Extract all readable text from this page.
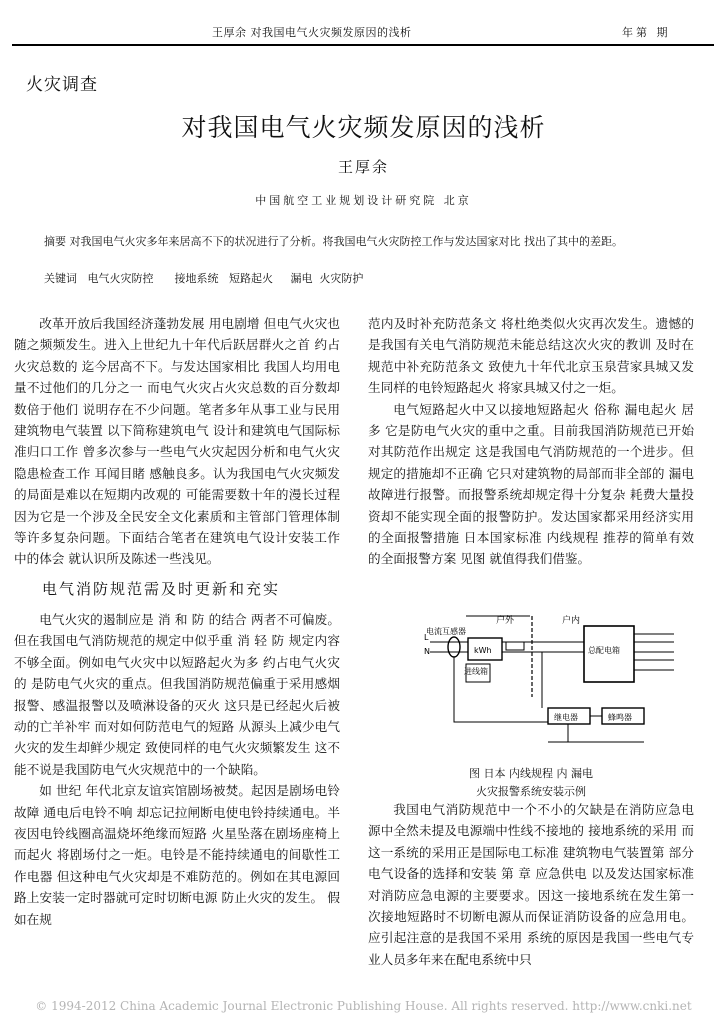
王厚余 对我国电气火灾频发原因的浅析	年第 期
火灾调查
对我国电气火灾频发原因的浅析
王厚余
中国航空工业规划设计研究院 北京
摘要 对我国电气火灾多年来居高不下的状况进行了分析。将我国电气火灾防控工作与发达国家对比 找出了其中的差距。
关键词   电气火灾防控      接地系统   短路起火     漏电  火灾防护

改革开放后我国经济蓬勃发展 用电剧增 但电气火灾也随之频频发生。进入上世纪九十年代后跃居群火之首 约占火灾总数的 迄今居高不下。与发达国家相比 我国人均用电量不过他们的几分之一 而电气火灾占火灾总数的百分数却数倍于他们 说明存在不少问题。笔者多年从事工业与民用建筑物电气装置 以下简称建筑电气 设计和建筑电气国际标准归口工作 曾多次参与一些电气火灾起因分析和电气火灾隐患检查工作 耳闻目睹 感触良多。认为我国电气火灾频发的局面是难以在短期内改观的 可能需要数十年的漫长过程 因为它是一个涉及全民安全文化素质和主管部门管理体制等许多复杂问题。下面结合笔者在建筑电气设计安装工作中的体会 就认识所及陈述一些浅见。

电气消防规范需及时更新和充实

电气火灾的遏制应是 消 和 防 的结合 两者不可偏废。但在我国电气消防规范的规定中似乎重 消 轻 防 规定内容不够全面。例如电气火灾中以短路起火为多 约占电气火灾的 是防电气火灾的重点。但我国消防规范偏重于采用感烟报警、感温报警以及喷淋设备的灭火 这只是已经起火后被动的亡羊补牢 而对如何防范电气的短路 从源头上减少电气火灾的发生却鲜少规定 致使同样的电气火灾频繁发生 这不能不说是我国防电气火灾规范中的一个缺陷。

如 世纪 年代北京友谊宾馆剧场被焚。起因是剧场电铃故障 通电后电铃不响 却忘记拉闸断电使电铃持续通电。半夜因电铃线圈高温烧坏绝缘而短路 火星坠落在剧场座椅上而起火 将剧场付之一炬。电铃是不能持续通电的间歇性工作电器 但这种电气火灾却是不难防范的。例如在其电源回路上安装一定时器就可定时切断电源 防止火灾的发生。 假如在规

范内及时补充防范条文 将杜绝类似火灾再次发生。遗憾的是我国有关电气消防规范未能总结这次火灾的教训 及时在规范中补充防范条文 致使九十年代北京玉泉营家具城又发生同样的电铃短路起火 将家具城又付之一炬。

电气短路起火中又以接地短路起火 俗称 漏电起火 居多 它是防电气火灾的重中之重。目前我国消防规范已开始对其防范作出规定 这是我国电气消防规范的一个进步。但规定的措施却不正确 它只对建筑物的局部而非全部的 漏电 故障进行报警。而报警系统却规定得十分复杂 耗费大量投资却不能实现全面的报警防护。发达国家都采用经济实用的全面报警措施 日本国家标准 内线规程 推荐的简单有效的全面报警方案 见图 就值得我们借鉴。

户外	户内
L
N
电流互感器
kWh
进线箱
总配电箱
继电器	蜂鸣器
图 日本 内线规程 内 漏电
火灾报警系统安装示例

我国电气消防规范中一个不小的欠缺是在消防应急电源中全然未提及电源端中性线不接地的 接地系统的采用 而这一系统的采用正是国际电工标准 建筑物电气装置第 部分 电气设备的选择和安装 第 章 应急供电 以及发达国家标准对消防应急电源的主要要求。因这一接地系统在发生第一次接地短路时不切断电源从而保证消防设备的应急用电。应引起注意的是我国不采用 系统的原因是我国一些电气专业人员多年来在配电系统中只

© 1994-2012 China Academic Journal Electronic Publishing House. All rights reserved. http://www.cnki.net
